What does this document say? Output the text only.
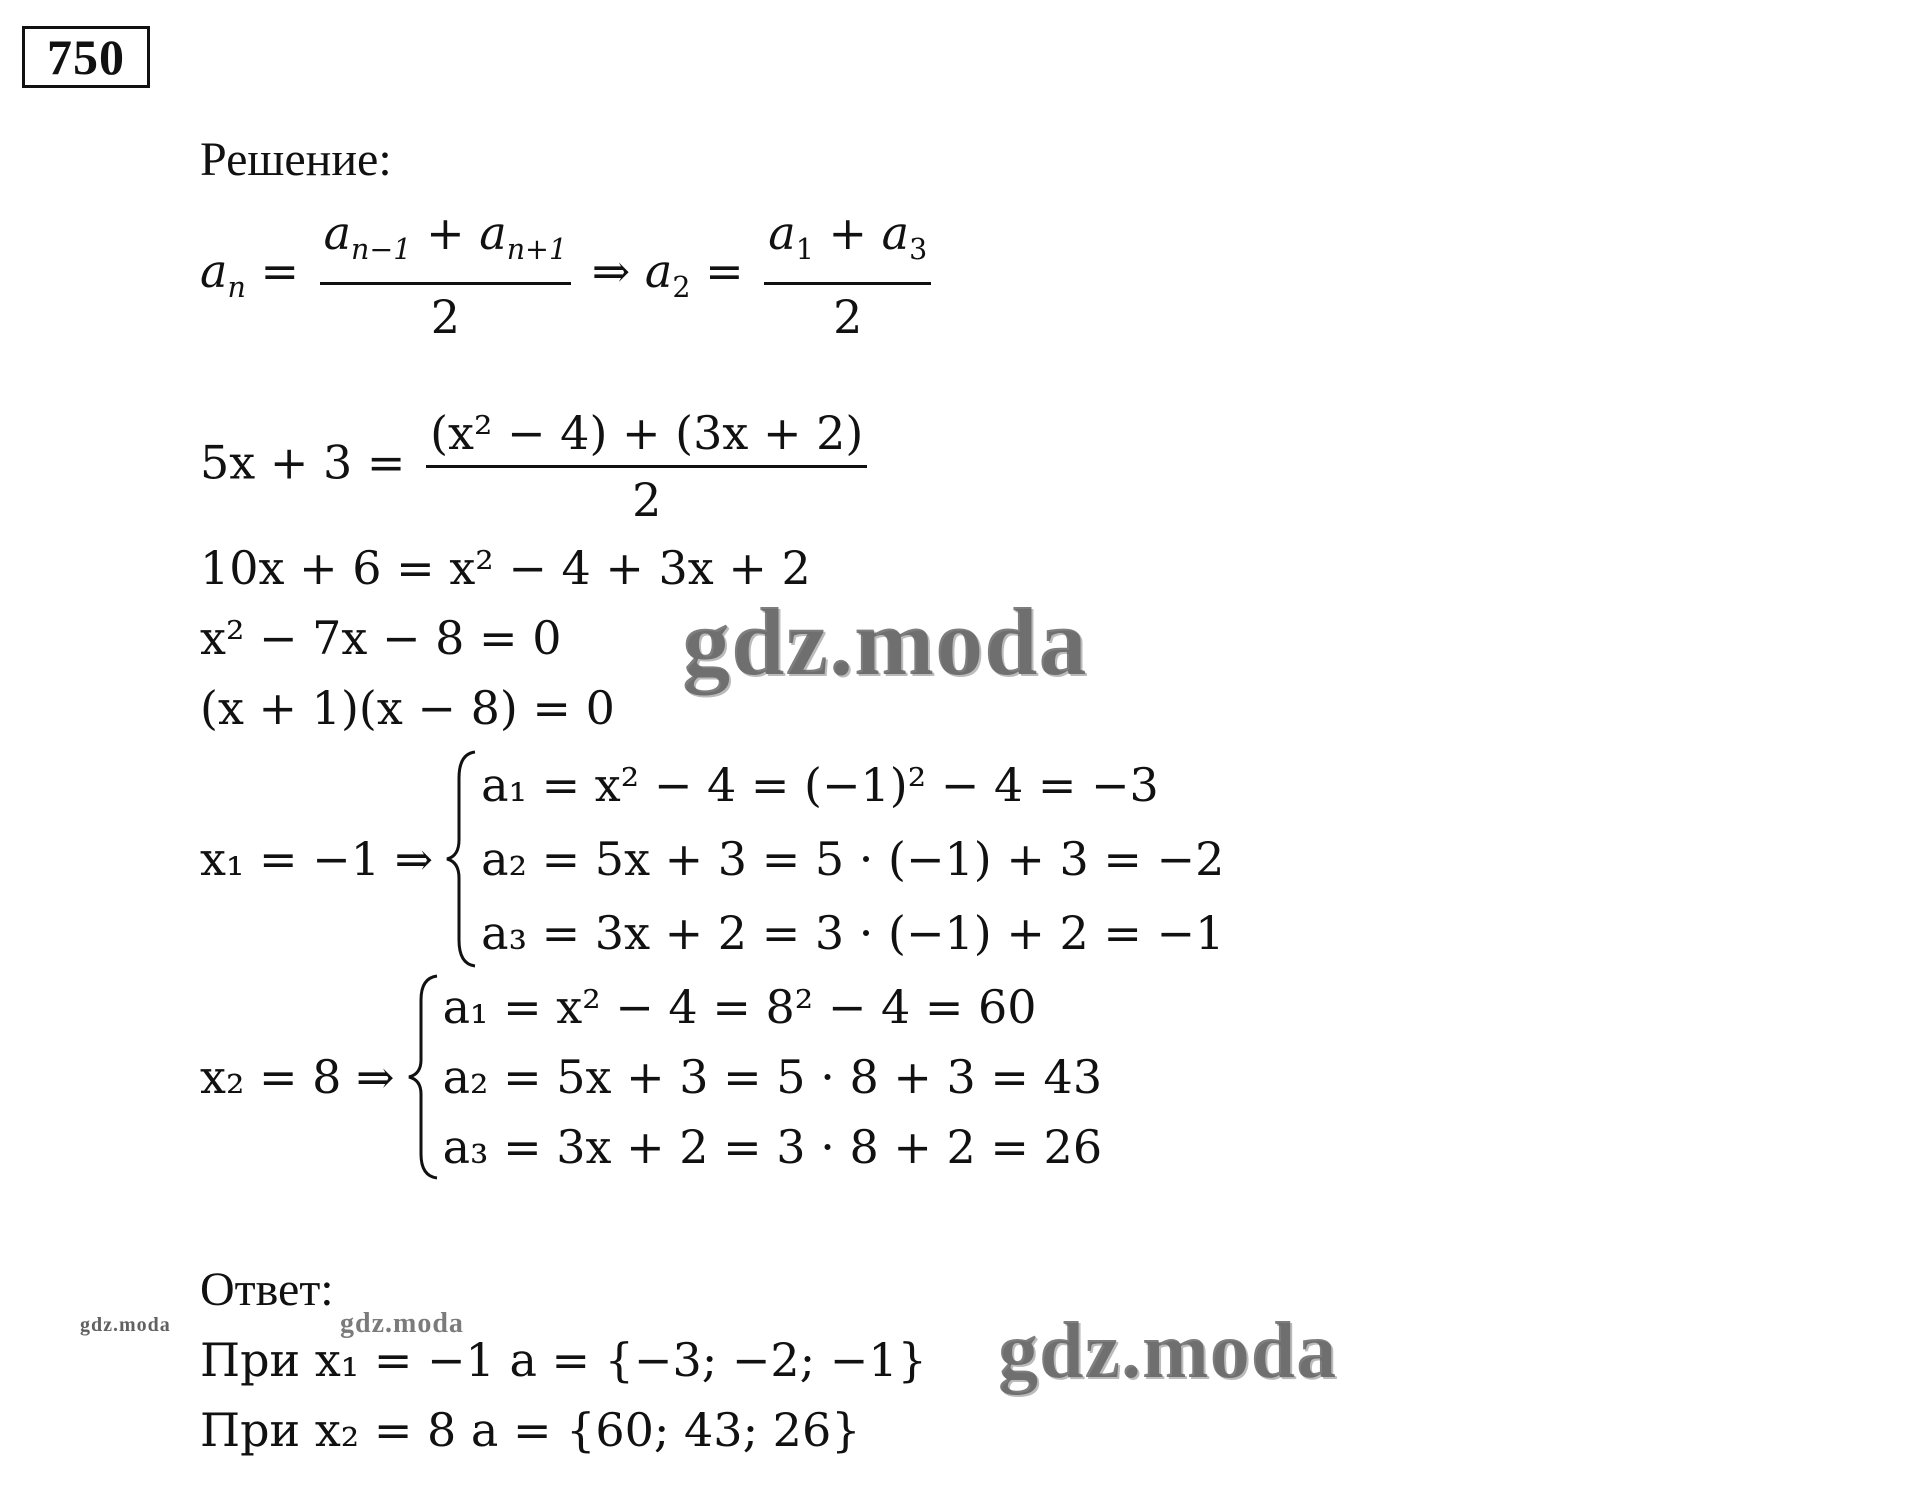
750
Решение:
$a_n = \frac{a_{n-1} + a_{n+1}}{2}$ ⇒ $a_2 = \frac{a_1 + a_3}{2}$
$5x + 3 = \frac{\text{(x² − 4) + (3x + 2)}}{2}$
10x + 6 = x² − 4 + 3x + 2
x² − 7x − 8 = 0
(x + 1)(x − 8) = 0
x₁ = −1 ⇒
a₁ = x² − 4 = (−1)² − 4 = −3
a₂ = 5x + 3 = 5 · (−1) + 3 = −2
a₃ = 3x + 2 = 3 · (−1) + 2 = −1
x₂ = 8 ⇒
a₁ = x² − 4 = 8² − 4 = 60
a₂ = 5x + 3 = 5 · 8 + 3 = 43
a₃ = 3x + 2 = 3 · 8 + 2 = 26
Ответ:
При x₁ = −1 a = {−3; −2; −1}
При x₂ = 8 a = {60; 43; 26}
gdz.moda
gdz.moda	gdz.moda	gdz.moda
